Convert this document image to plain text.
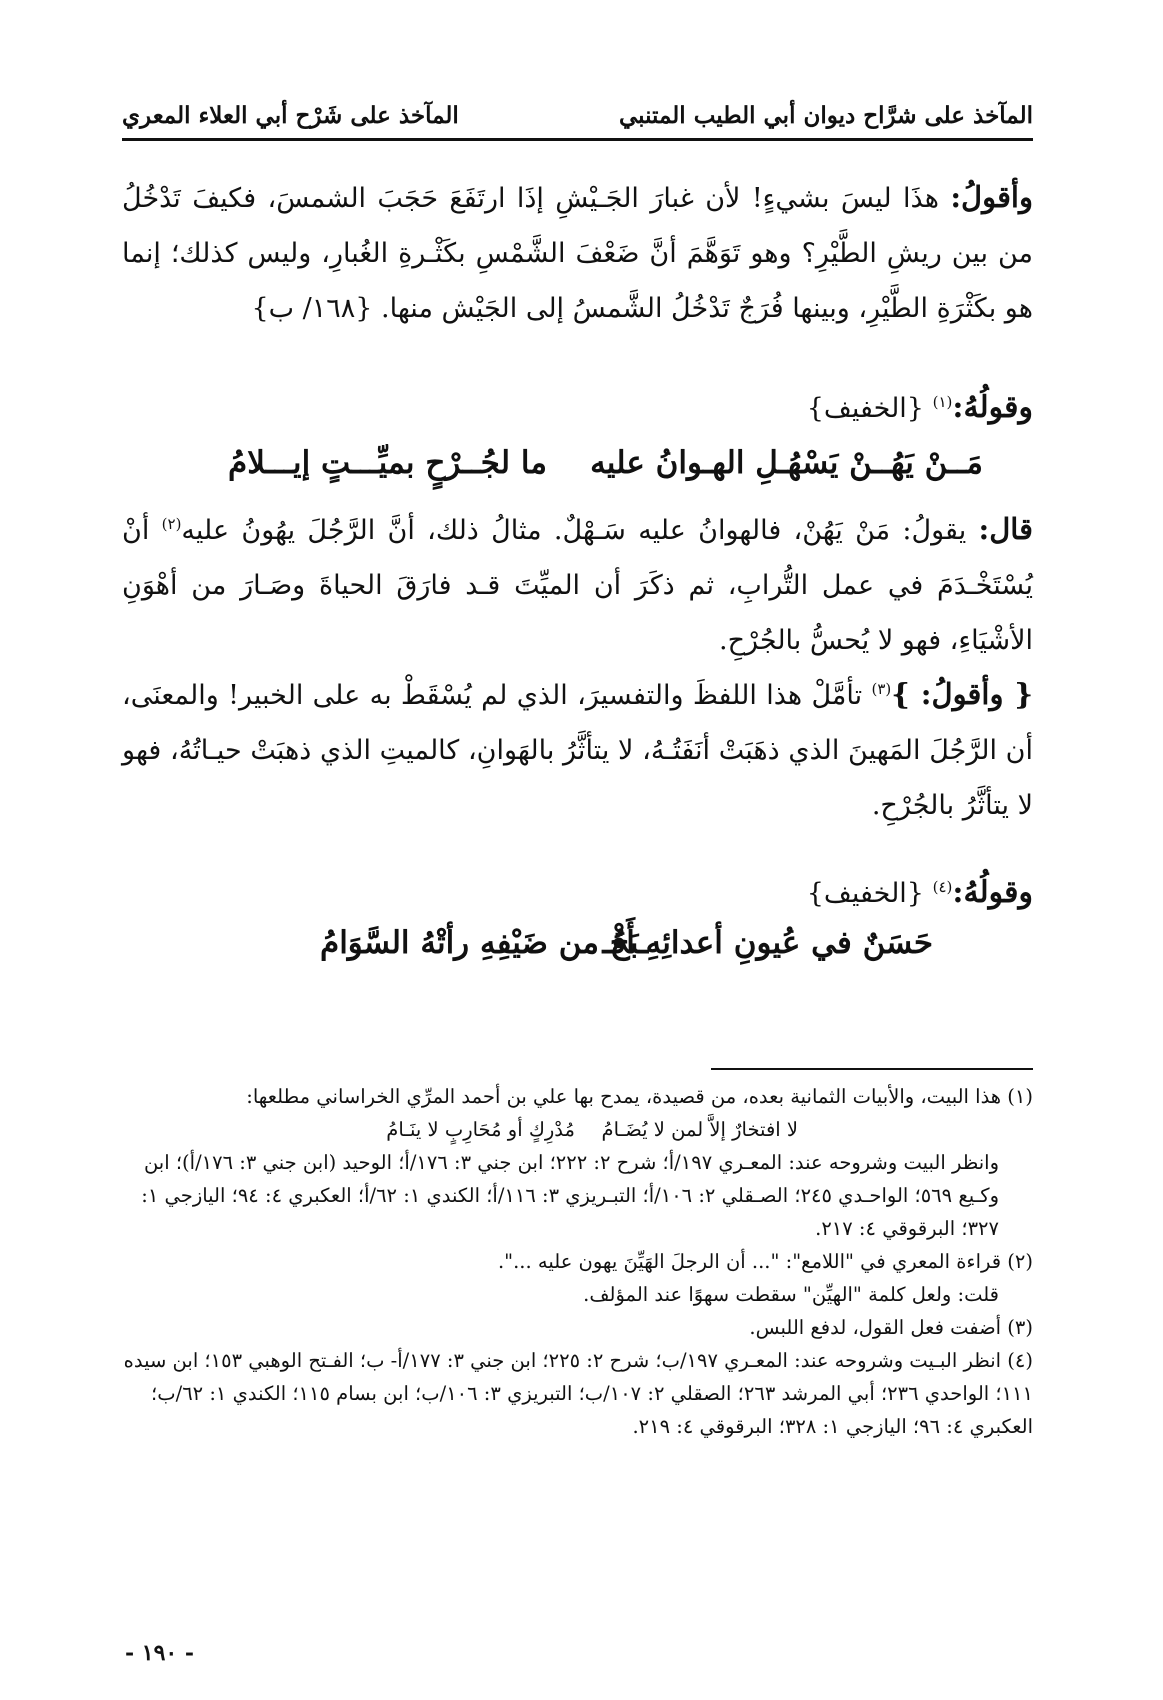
المآخذ على شرَّاح ديوان أبي الطيب المتنبي
المآخذ على شَرْح أبي العلاء المعري
وأقولُ: هذَا ليسَ بشيءٍ! لأن غبارَ الجَـيْشِ إذَا ارتَفَعَ حَجَبَ الشمسَ، فكيفَ تَدْخُلُ من بين ريشِ الطَّيْرِ؟ وهو تَوَهَّمَ أنَّ ضَعْفَ الشَّمْسِ بكَثْـرةِ الغُبارِ، وليس كذلك؛ إنما هو بكَثْرَةِ الطَّيْرِ، وبينها فُرَجٌ تَدْخُلُ الشَّمسُ إلى الجَيْش منها. {١٦٨/ ب}
وقولُهُ:$^{(١)}$ {الخفيف}
مَــنْ يَهُــنْ يَسْهُـلِ الهـوانُ عليه
ما لجُــرْحٍ بميِّـــتٍ إيـــلامُ
قال: يقولُ: مَنْ يَهُنْ، فالهوانُ عليه سَـهْلٌ. مثالُ ذلك، أنَّ الرَّجُلَ يهُونُ عليه$^{(٢)}$ أنْ يُسْتَخْـدَمَ في عمل التُّرابِ، ثم ذكَرَ أن الميِّتَ قـد فارَقَ الحياةَ وصَـارَ من أهْوَنِ الأشْيَاءِ، فهو لا يُحسُّ بالجُرْحِ.
{ وأقولُ: }$^{(٣)}$ تأمَّلْ هذا اللفظَ والتفسيرَ، الذي لم يُسْقَطْ به على الخبير! والمعنَى، أن الرَّجُلَ المَهينَ الذي ذهَبَتْ أنَفَتُـهُ، لا يتأثَّرُ بالهَوانِ، كالميتِ الذي ذهبَتْ حيـاتُهُ، فهو لا يتأثَّرُ بالجُرْحِ.
وقولُهُ:$^{(٤)}$ {الخفيف}
حَسَنٌ في عُيونِ أعدائِهِ أَقْـ
ـبَحُ من ضَيْفِهِ رأتْهُ السَّوَامُ
(١) هذا البيت، والأبيات الثمانية بعده، من قصيدة، يمدح بها علي بن أحمد المرِّي الخراساني مطلعها:
لا افتخارٌ إلاَّ لمن لا يُضَـامُ
مُدْرِكٍ أو مُحَارِبٍ لا ينَـامُ
وانظر البيت وشروحه عند: المعـري ١٩٧/أ؛ شرح ٢: ٢٢٢؛ ابن جني ٣: ١٧٦/أ؛ الوحيد (ابن جني ٣: ١٧٦/أ)؛ ابن وكـيع ٥٦٩؛ الواحـدي ٢٤٥؛ الصـقلي ٢: ١٠٦/أ؛ التبـريزي ٣: ١١٦/أ؛ الكندي ١: ٦٢/أ؛ العكبري ٤: ٩٤؛ اليازجي ١: ٣٢٧؛ البرقوقي ٤: ٢١٧.
(٢) قراءة المعري في "اللامع": "... أن الرجلَ الهَيِّنَ يهون عليه ...".
قلت: ولعل كلمة "الهيِّن" سقطت سهوًا عند المؤلف.
(٣) أضفت فعل القول، لدفع اللبس.
(٤) انظر البـيت وشروحه عند: المعـري ١٩٧/ب؛ شرح ٢: ٢٢٥؛ ابن جني ٣: ١٧٧/أ- ب؛ الفـتح الوهبي ١٥٣؛ ابن سيده ١١١؛ الواحدي ٢٣٦؛ أبي المرشد ٢٦٣؛ الصقلي ٢: ١٠٧/ب؛ التبريزي ٣: ١٠٦/ب؛ ابن بسام ١١٥؛ الكندي ١: ٦٢/ب؛ العكبري ٤: ٩٦؛ اليازجي ١: ٣٢٨؛ البرقوقي ٤: ٢١٩.
- ١٩٠ -
